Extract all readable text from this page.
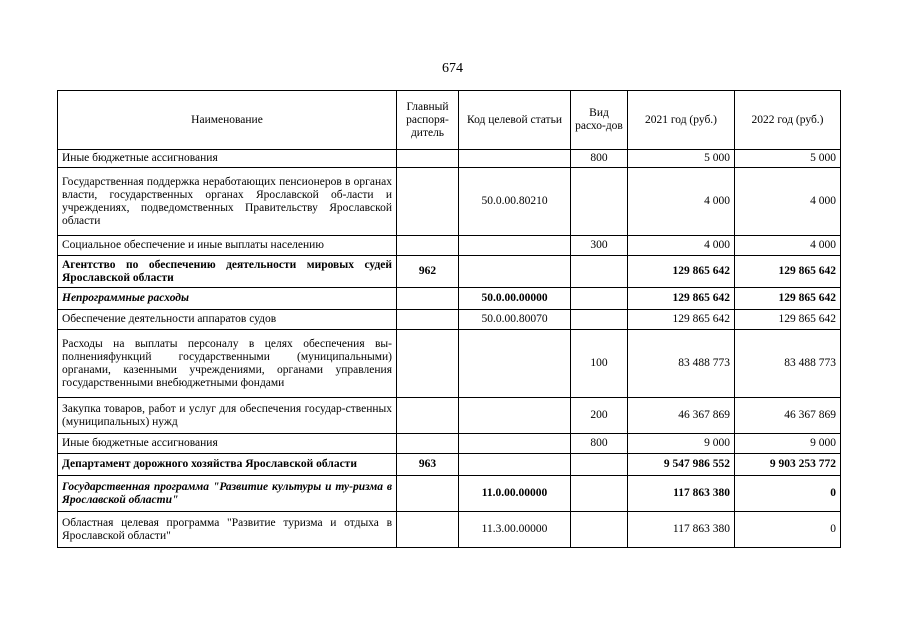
674
Наименование	Главный распоря-дитель	Код целевой статьи	Вид расхо-дов	2021 год (руб.)	2022 год (руб.)

Иные бюджетные ассигнования			800	5 000	5 000

Государственная поддержка неработающих пенсионеров в органах власти, государственных органах Ярославской об-ласти и учреждениях, подведомственных Правительству Ярославской области		50.0.00.80210		4 000	4 000

Социальное обеспечение и иные выплаты населению			300	4 000	4 000

Агентство по обеспечению деятельности мировых судей Ярославской области	962			129 865 642	129 865 642

Непрограммные расходы		50.0.00.00000		129 865 642	129 865 642

Обеспечение деятельности аппаратов судов		50.0.00.80070		129 865 642	129 865 642

Расходы на выплаты персоналу в целях обеспечения вы-полненияфункций государственными (муниципальными) органами, казенными учреждениями, органами управления государственными внебюджетными фондами			100	83 488 773	83 488 773

Закупка товаров, работ и услуг для обеспечения государ-ственных (муниципальных) нужд			200	46 367 869	46 367 869

Иные бюджетные ассигнования			800	9 000	9 000

Департамент дорожного хозяйства Ярославской области	963			9 547 986 552	9 903 253 772

Государственная программа "Развитие культуры и ту-ризма в Ярославской области"		11.0.00.00000		117 863 380	0

Областная целевая программа "Развитие туризма и отдыха в Ярославской области"		11.3.00.00000		117 863 380	0
